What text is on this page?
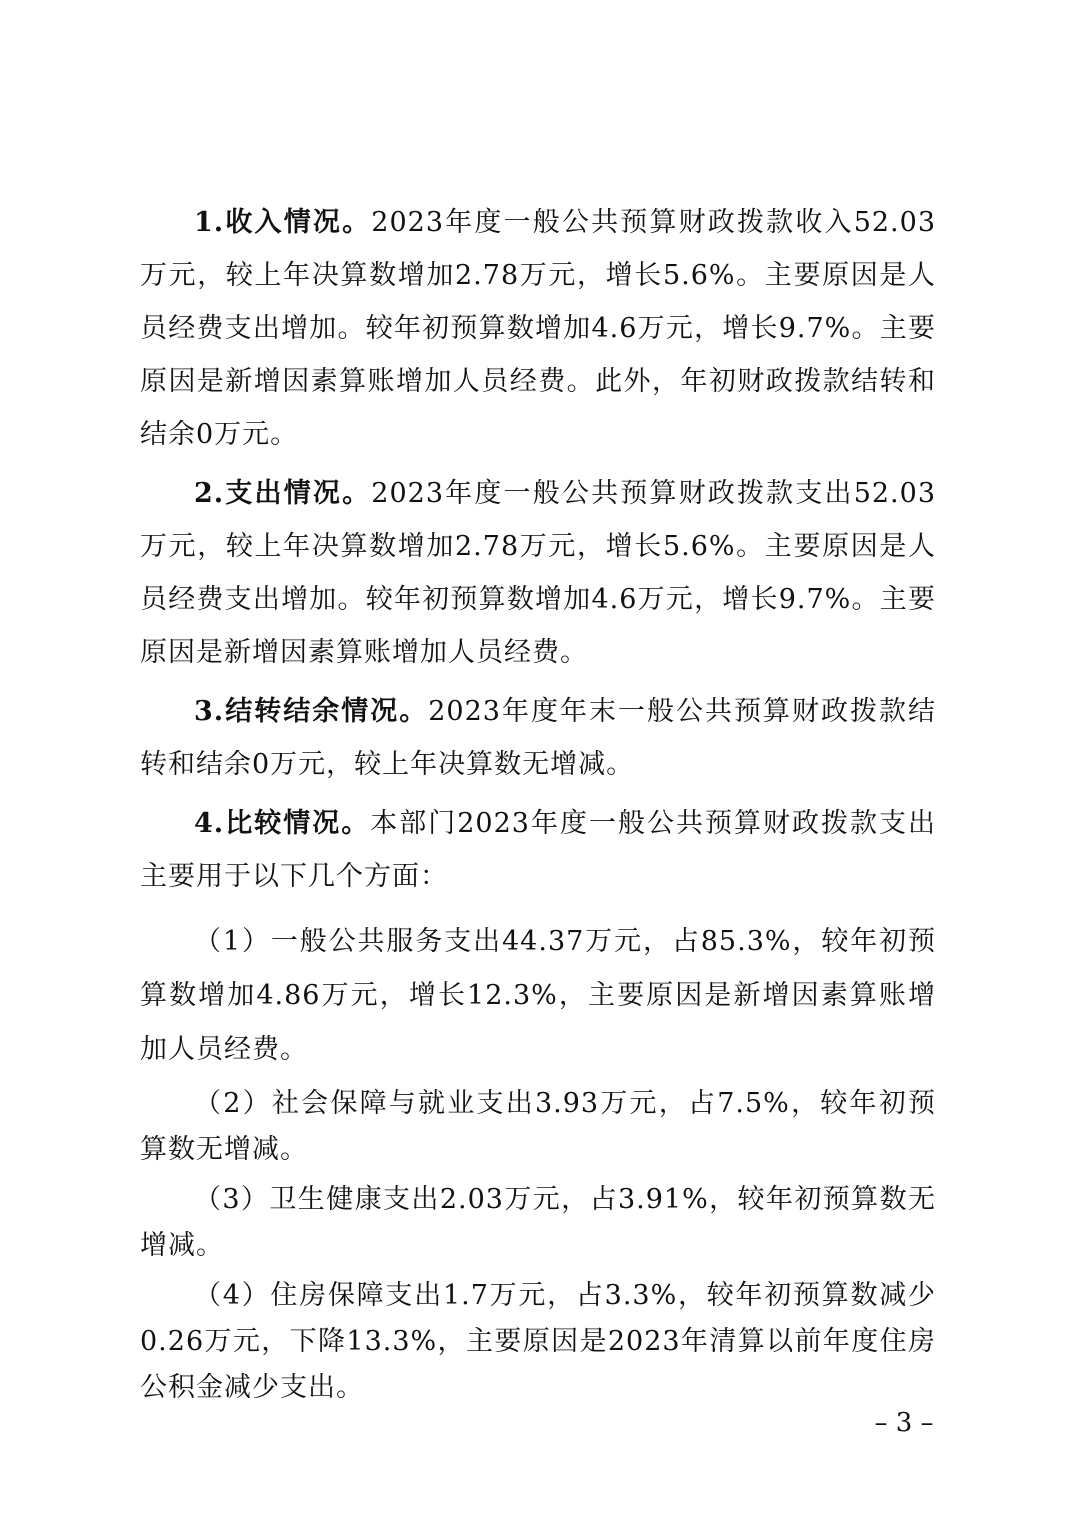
1.收入情况。2023年度一般公共预算财政拨款收入52.03万元，较上年决算数增加2.78万元，增长5.6%。主要原因是人员经费支出增加。较年初预算数增加4.6万元，增长9.7%。主要原因是新增因素算账增加人员经费。此外，年初财政拨款结转和结余0万元。

2.支出情况。2023年度一般公共预算财政拨款支出52.03万元，较上年决算数增加2.78万元，增长5.6%。主要原因是人员经费支出增加。较年初预算数增加4.6万元，增长9.7%。主要原因是新增因素算账增加人员经费。

3.结转结余情况。2023年度年末一般公共预算财政拨款结转和结余0万元，较上年决算数无增减。

4.比较情况。本部门2023年度一般公共预算财政拨款支出主要用于以下几个方面：

（1）一般公共服务支出44.37万元，占85.3%，较年初预算数增加4.86万元，增长12.3%，主要原因是新增因素算账增加人员经费。

（2）社会保障与就业支出3.93万元，占7.5%，较年初预算数无增减。

（3）卫生健康支出2.03万元，占3.91%，较年初预算数无增减。

（4）住房保障支出1.7万元，占3.3%，较年初预算数减少0.26万元，下降13.3%，主要原因是2023年清算以前年度住房公积金减少支出。

– 3 –
